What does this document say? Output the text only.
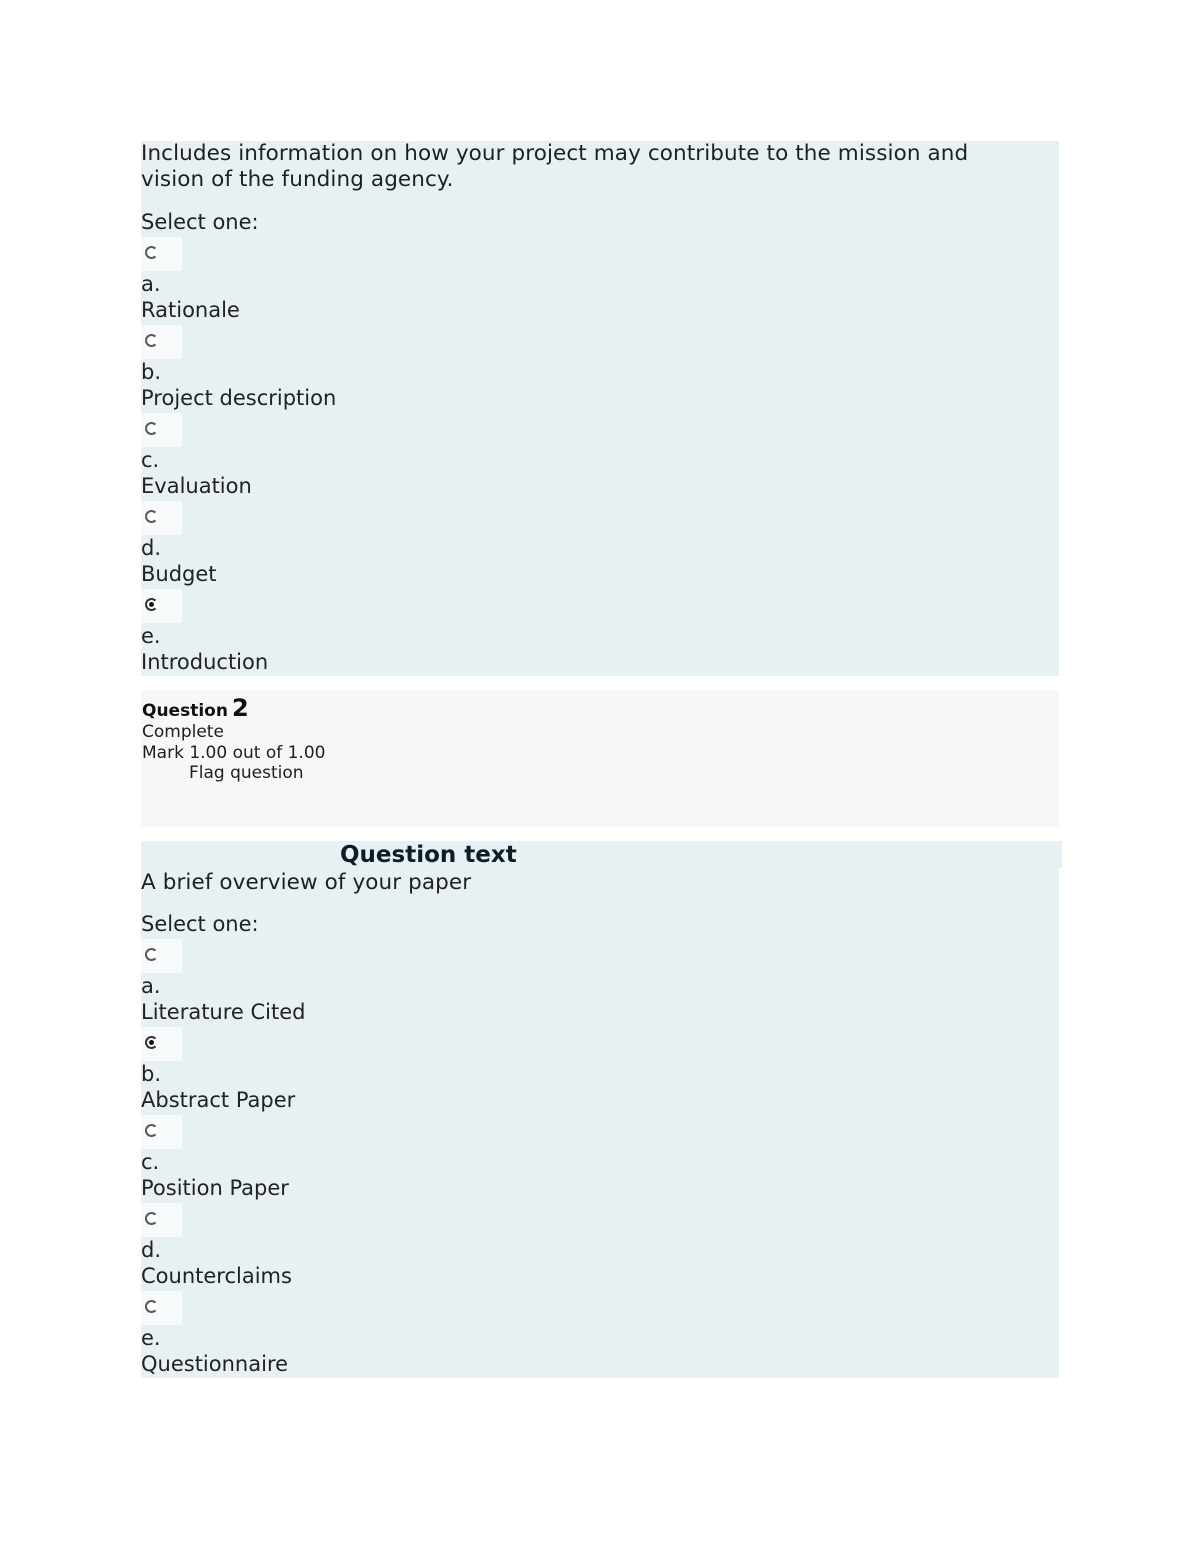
Includes information on how your project may contribute to the mission and vision of the funding agency.
Select one:
a.
Rationale
b.
Project description
c.
Evaluation
d.
Budget
e.
Introduction
Question 2
Complete
Mark 1.00 out of 1.00
Flag question
Question text
A brief overview of your paper
Select one:
a.
Literature Cited
b.
Abstract Paper
c.
Position Paper
d.
Counterclaims
e.
Questionnaire
